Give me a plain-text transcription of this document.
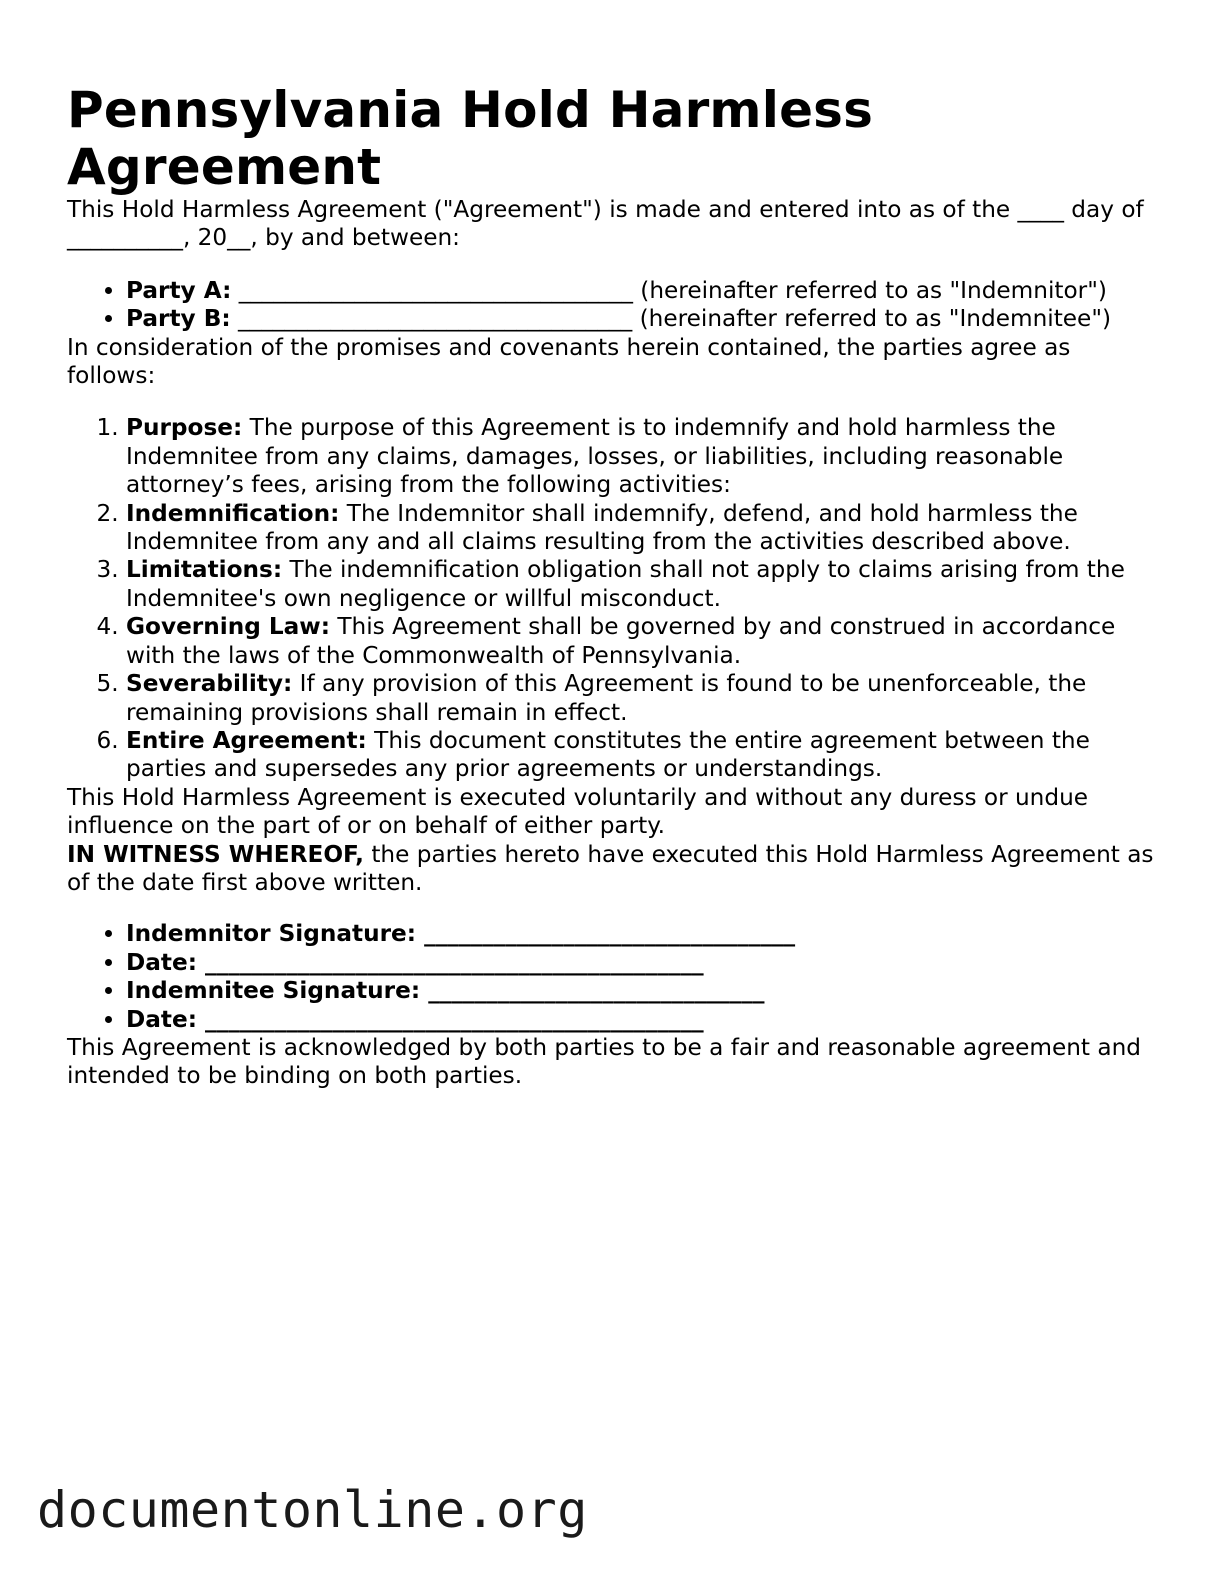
Pennsylvania Hold Harmless Agreement

This Hold Harmless Agreement ("Agreement") is made and entered into as of the ____ day of __________, 20__, by and between:

• Party A: __________________________________ (hereinafter referred to as "Indemnitor")
• Party B: __________________________________ (hereinafter referred to as "Indemnitee")

In consideration of the promises and covenants herein contained, the parties agree as follows:

1. Purpose: The purpose of this Agreement is to indemnify and hold harmless the Indemnitee from any claims, damages, losses, or liabilities, including reasonable attorney’s fees, arising from the following activities:
2. Indemnification: The Indemnitor shall indemnify, defend, and hold harmless the Indemnitee from any and all claims resulting from the activities described above.
3. Limitations: The indemnification obligation shall not apply to claims arising from the Indemnitee's own negligence or willful misconduct.
4. Governing Law: This Agreement shall be governed by and construed in accordance with the laws of the Commonwealth of Pennsylvania.
5. Severability: If any provision of this Agreement is found to be unenforceable, the remaining provisions shall remain in effect.
6. Entire Agreement: This document constitutes the entire agreement between the parties and supersedes any prior agreements or understandings.

This Hold Harmless Agreement is executed voluntarily and without any duress or undue influence on the part of or on behalf of either party.

IN WITNESS WHEREOF, the parties hereto have executed this Hold Harmless Agreement as of the date first above written.

• Indemnitor Signature: ________________________________
• Date: ___________________________________________
• Indemnitee Signature: _____________________________
• Date: ___________________________________________

This Agreement is acknowledged by both parties to be a fair and reasonable agreement and intended to be binding on both parties.

documentonline.org
